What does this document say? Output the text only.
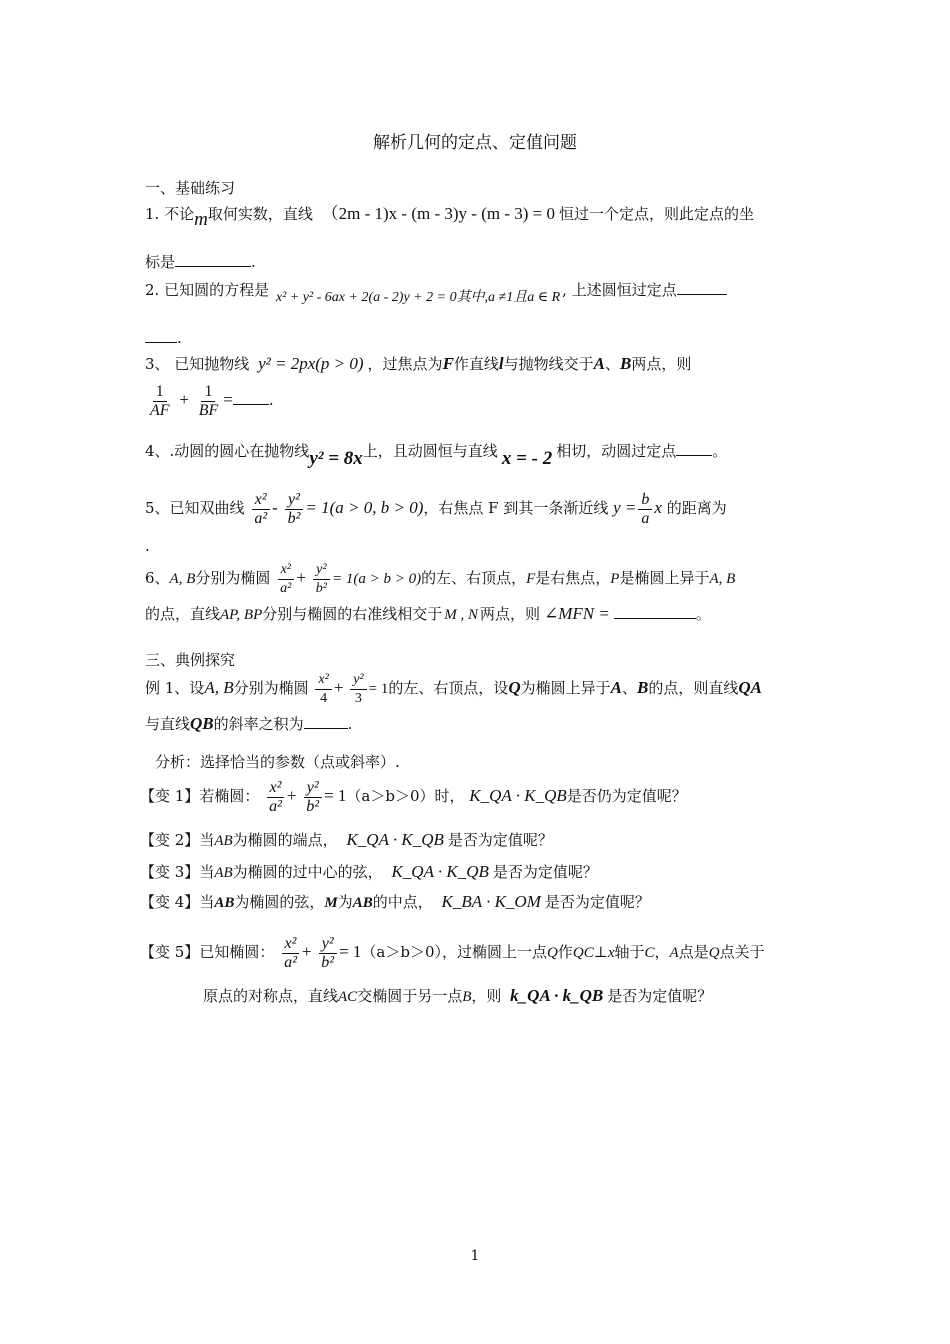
解析几何的定点、定值问题
一、基础练习
1. 不论m取何实数，直线 （2m - 1)x - (m - 3)y - (m - 3) = 0 恒过一个定点，则此定点的坐
标是	.
2. 已知圆的方程是 x² + y² - 6ax + 2(a - 2)y + 2 = 0其中,a ≠1且a ∈ R , 上述圆恒过定点
.
3、 已知抛物线 y² = 2px(p > 0) ，过焦点为F作直线l与抛物线交于A、B两点，则
$\frac{1}{AF} + \frac{1}{BF}$ = .
4、.动圆的圆心在抛物线y² = 8x上，且动圆恒与直线 x = - 2 相切，动圆过定点 。
5、已知双曲线 $\frac{\text{x²}}{\text{a²}} - \frac{\text{y²}}{\text{b²}} = 1(a > 0$, b > 0)，右焦点 F 到其一条渐近线 $y = \frac{b}{a}$ x 的距离为
.
6、A, B分别为椭圆 $\frac{\text{x²}}{\text{a²}} + \frac{\text{y²}}{\text{b²}} = 1(a > b > 0)$的左、右顶点，F是右焦点，P是椭圆上异于A, B
的点，直线AP, BP分别与椭圆的右准线相交于 M , N 两点，则 ∠MFN =	。
三、典例探究
例 1、设A, B分别为椭圆 $\frac{\text{x²}}{4} + \frac{\text{y²}}{3} = 1$的左、右顶点，设Q为椭圆上异于A、B的点，则直线QA
与直线QB的斜率之积为	.
分析：选择恰当的参数（点或斜率）.
【变 1】若椭圆： $\frac{\text{x²}}{\text{a²}} + \frac{\text{y²}}{\text{b²}} = 1(a>b>0)$时， K_QA · K_QB是否仍为定值呢？
【变 2】当AB为椭圆的端点， K_QA · K_QB 是否为定值呢？
【变 3】当AB为椭圆的过中心的弦， K_QA · K_QB 是否为定值呢？
【变 4】当AB为椭圆的弦，M为AB的中点， K_BA · K_OM 是否为定值呢？
【变 5】已知椭圆： $\frac{\text{x²}}{\text{a²}} + \frac{\text{y²}}{\text{b²}} = 1(a>b>0)$，过椭圆上一点Q作QC⊥x轴于C，A点是Q点关于
原点的对称点，直线AC交椭圆于另一点B，则 k_QA · k_QB 是否为定值呢？
1
